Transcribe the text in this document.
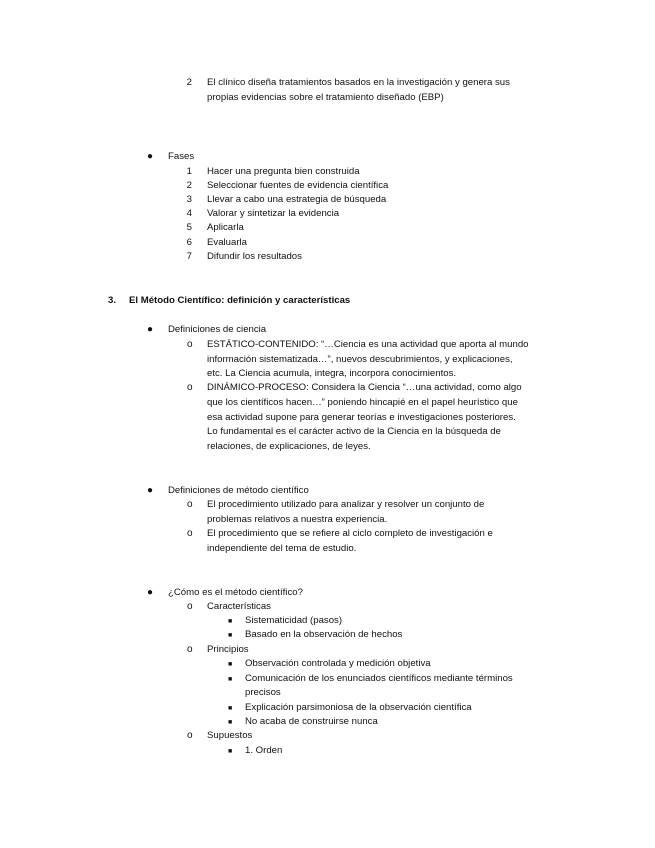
2 El clínico diseña tratamientos basados en la investigación y genera sus
propias evidencias sobre el tratamiento diseñado (EBP)
● Fases
1 Hacer una pregunta bien construida
2 Seleccionar fuentes de evidencia científica
3 Llevar a cabo una estrategia de búsqueda
4 Valorar y sintetizar la evidencia
5 Aplicarla
6 Evaluarla
7 Difundir los resultados
3. El Método Científico: definición y características
● Definiciones de ciencia
o ESTÁTICO-CONTENIDO: “…Ciencia es una actividad que aporta al mundo
información sistematizada…”, nuevos descubrimientos, y explicaciones,
etc. La Ciencia acumula, integra, incorpora conocimientos.
o DINÁMICO-PROCESO: Considera la Ciencia “…una actividad, como algo
que los científicos hacen…” poniendo hincapié en el papel heurístico que
esa actividad supone para generar teorías e investigaciones posteriores.
Lo fundamental es el carácter activo de la Ciencia en la búsqueda de
relaciones, de explicaciones, de leyes.
● Definiciones de método científico
o El procedimiento utilizado para analizar y resolver un conjunto de
problemas relativos a nuestra experiencia.
o El procedimiento que se refiere al ciclo completo de investigación e
independiente del tema de estudio.
● ¿Cómo es el método científico?
o Características
■ Sistematicidad (pasos)
■ Basado en la observación de hechos
o Principios
■ Observación controlada y medición objetiva
■ Comunicación de los enunciados científicos mediante términos
precisos
■ Explicación parsimoniosa de la observación científica
■ No acaba de construirse nunca
o Supuestos
■ 1. Orden
